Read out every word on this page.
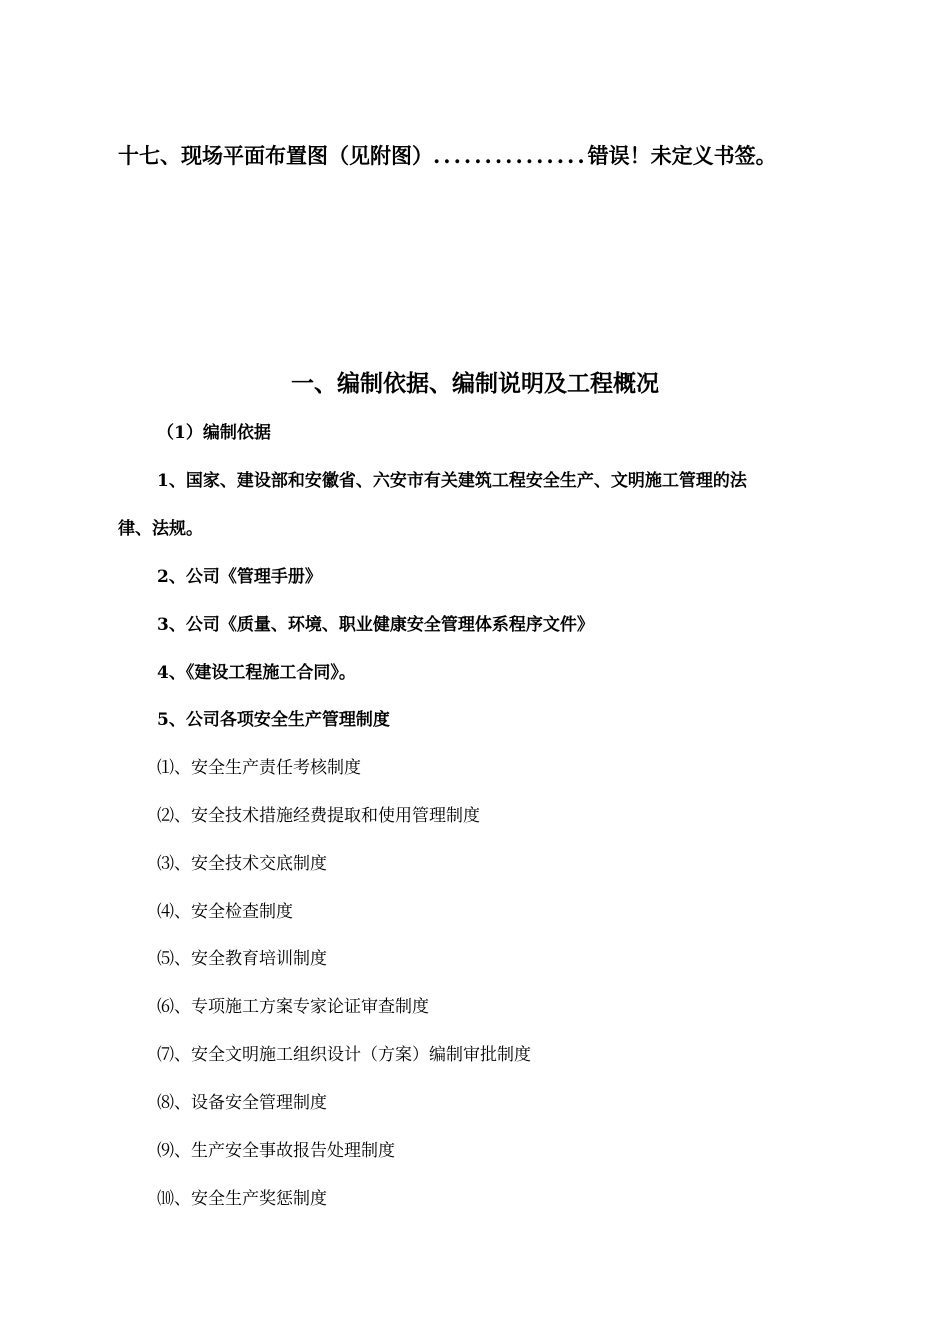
十七、现场平面布置图（见附图）...............错误！未定义书签。
一、编制依据、编制说明及工程概况
（1）编制依据
1、国家、建设部和安徽省、六安市有关建筑工程安全生产、文明施工管理的法
律、法规。
2、公司《管理手册》
3、公司《质量、环境、职业健康安全管理体系程序文件》
4、《建设工程施工合同》。
5、公司各项安全生产管理制度
⑴、安全生产责任考核制度
⑵、安全技术措施经费提取和使用管理制度
⑶、安全技术交底制度
⑷、安全检查制度
⑸、安全教育培训制度
⑹、专项施工方案专家论证审查制度
⑺、安全文明施工组织设计（方案）编制审批制度
⑻、设备安全管理制度
⑼、生产安全事故报告处理制度
⑽、安全生产奖惩制度
